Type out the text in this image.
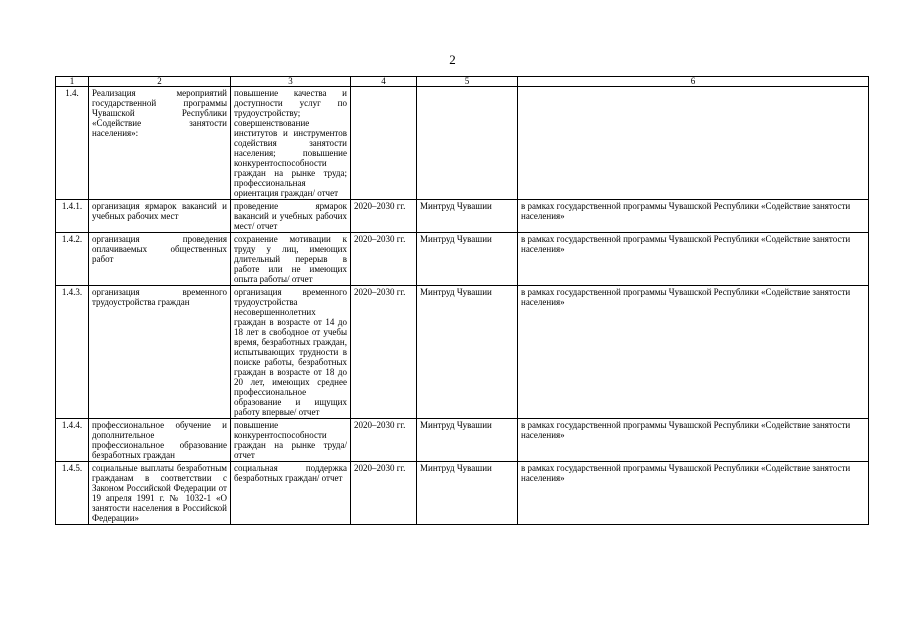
2
1	2	3	4	5	6
1.4.	Реализация мероприятий государственной программы Чувашской Республики «Содействие занятости населения»:	повышение качества и доступности услуг по трудоустройству; совершенствование институтов и инструментов содействия занятости населения; повышение конкурентоспособности граждан на рынке труда; профессиональная ориентация граждан/ отчет			
1.4.1.	организация ярмарок вакансий и учебных рабочих мест	проведение ярмарок вакансий и учебных рабочих мест/ отчет	2020–2030 гг.	Минтруд Чувашии	в рамках государственной программы Чувашской Республики «Содействие занятости населения»
1.4.2.	организация проведения оплачиваемых общественных работ	сохранение мотивации к труду у лиц, имеющих длительный перерыв в работе или не имеющих опыта работы/ отчет	2020–2030 гг.	Минтруд Чувашии	в рамках государственной программы Чувашской Республики «Содействие занятости населения»
1.4.3.	организация временного трудоустройства граждан	организация временного трудоустройства несовершеннолетних граждан в возрасте от 14 до 18 лет в свободное от учебы время, безработных граждан, испытывающих трудности в поиске работы, безработных граждан в возрасте от 18 до 20 лет, имеющих среднее профессиональное образование и ищущих работу впервые/ отчет	2020–2030 гг.	Минтруд Чувашии	в рамках государственной программы Чувашской Республики «Содействие занятости населения»
1.4.4.	профессиональное обучение и дополнительное профессиональное образование безработных граждан	повышение конкурентоспособности граждан на рынке труда/ отчет	2020–2030 гг.	Минтруд Чувашии	в рамках государственной программы Чувашской Республики «Содействие занятости населения»
1.4.5.	социальные выплаты безработным гражданам в соответствии с Законом Российской Федерации от 19 апреля 1991 г. № 1032-1 «О занятости населения в Российской Федерации»	социальная поддержка безработных граждан/ отчет	2020–2030 гг.	Минтруд Чувашии	в рамках государственной программы Чувашской Республики «Содействие занятости населения»
